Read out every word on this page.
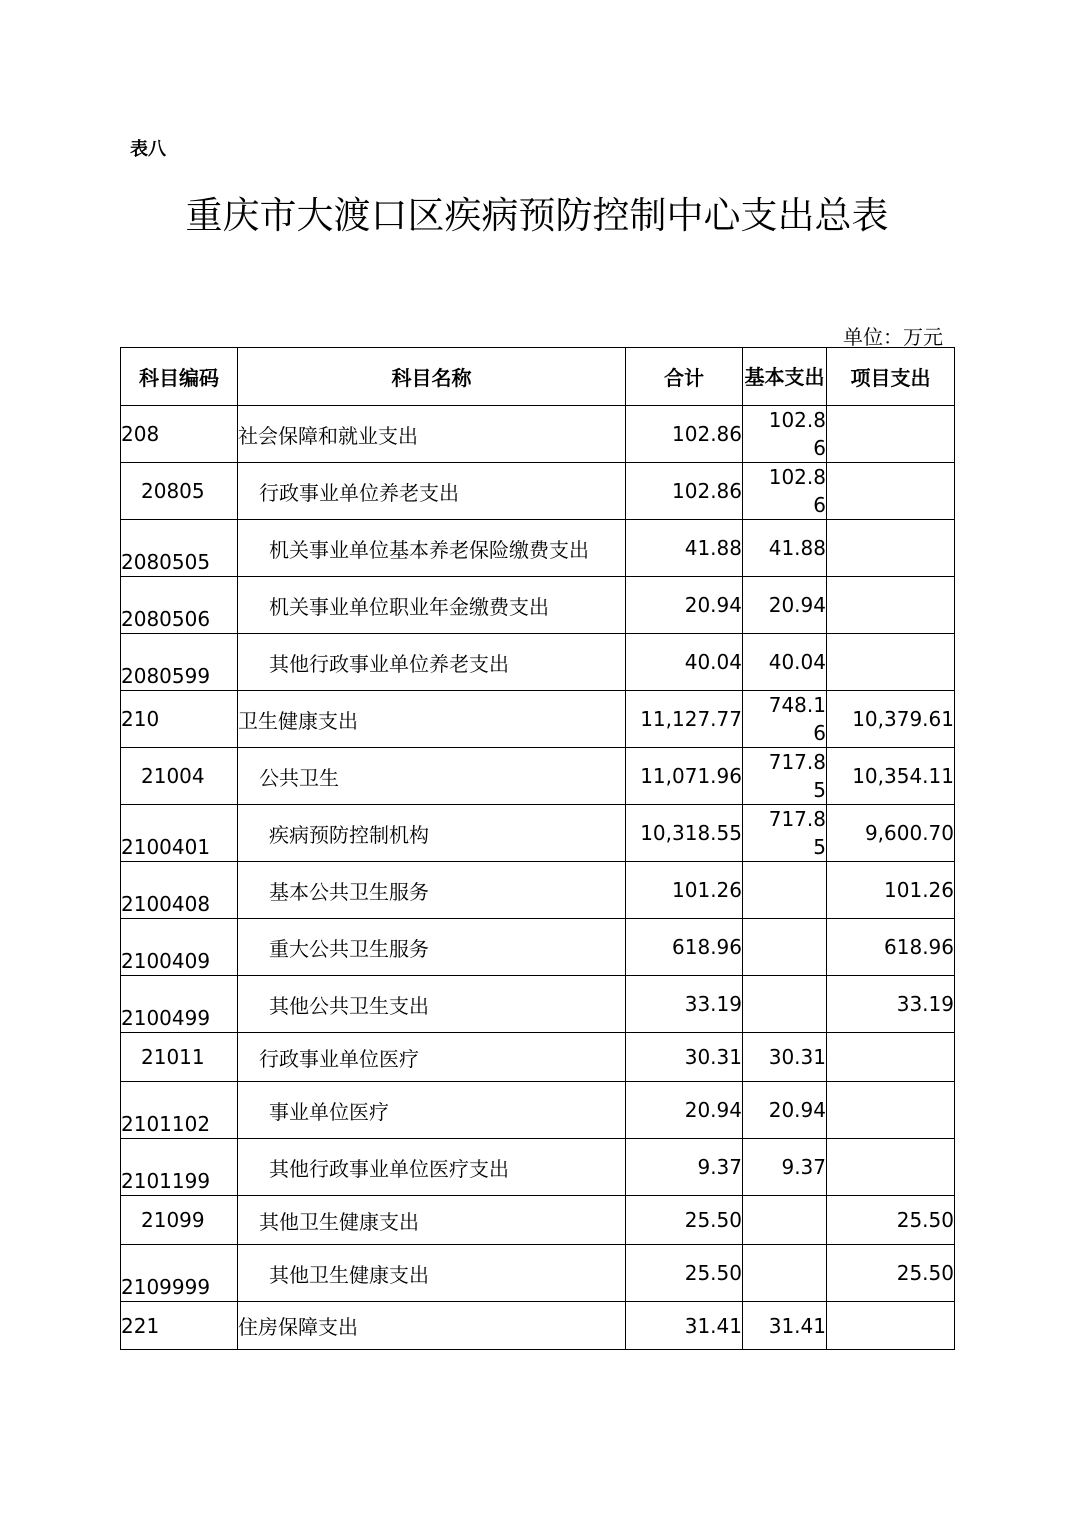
表八
重庆市大渡口区疾病预防控制中心支出总表
单位：万元
科目编码	科目名称	合计	基本支出	项目支出
208	社会保障和就业支出	102.86	102.86	
20805	行政事业单位养老支出	102.86	102.86	
2080505	机关事业单位基本养老保险缴费支出	41.88	41.88	
2080506	机关事业单位职业年金缴费支出	20.94	20.94	
2080599	其他行政事业单位养老支出	40.04	40.04	
210	卫生健康支出	11,127.77	748.16	10,379.61
21004	公共卫生	11,071.96	717.85	10,354.11
2100401	疾病预防控制机构	10,318.55	717.85	9,600.70
2100408	基本公共卫生服务	101.26		101.26
2100409	重大公共卫生服务	618.96		618.96
2100499	其他公共卫生支出	33.19		33.19
21011	行政事业单位医疗	30.31	30.31	
2101102	事业单位医疗	20.94	20.94	
2101199	其他行政事业单位医疗支出	9.37	9.37	
21099	其他卫生健康支出	25.50		25.50
2109999	其他卫生健康支出	25.50		25.50
221	住房保障支出	31.41	31.41	
